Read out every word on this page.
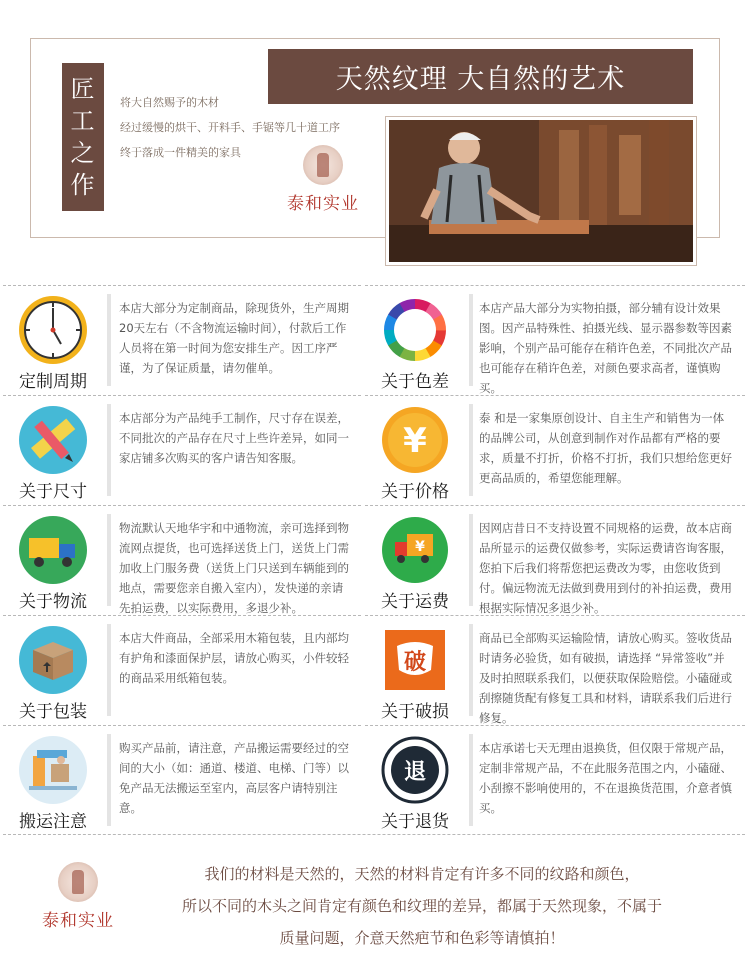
匠
工
之
作
天然纹理 大自然的艺术
将大自然赐予的木材
经过缓慢的烘干、开料手、手锯等几十道工序
终于落成一件精美的家具
泰和实业
定制周期
本店大部分为定制商品，除现货外，生产周期20天左右（不含物流运输时间），付款后工作人员将在第一时间为您安排生产。因工序严谨，为了保证质量，请勿催单。
关于色差
本店产品大部分为实物拍摄，部分辅有设计效果图。因产品特殊性、拍摄光线、显示器参数等因素影响，个别产品可能存在稍许色差，不同批次产品也可能存在稍许色差，对颜色要求高者，谨慎购买。
关于尺寸
本店部分为产品纯手工制作，尺寸存在误差，不同批次的产品存在尺寸上些许差异，如同一家店铺多次购买的客户请告知客服。	¥
关于价格
泰 和是一家集原创设计、自主生产和销售为一体的品牌公司，从创意到制作对作品都有严格的要求，质量不打折，价格不打折，我们只想给您更好更高品质的，希望您能理解。
关于物流
物流默认天地华宇和中通物流，亲可选择到物流网点提货，也可选择送货上门，送货上门需加收上门服务费（送货上门只送到车辆能到的地点，需要您亲自搬入室内），发快递的亲请先拍运费，以实际费用，多退少补。
¥
关于运费
因网店昔日不支持设置不同规格的运费，故本店商品所显示的运费仅做参考，实际运费请咨询客服，您拍下后我们将帮您把运费改为零，由您收货到付。偏远物流无法做到费用到付的补拍运费，费用根据实际情况多退少补。
关于包装
本店大件商品，全部采用木箱包装，且内部均有护角和漆面保护层，请放心购买，小件较轻的商品采用纸箱包装。
破
关于破损
商品已全部购买运输险情，请放心购买。签收货品时请务必验货，如有破损，请选择 “异常签收”并及时拍照联系我们，以便获取保险赔偿。小磕碰或刮擦随货配有修复工具和材料，请联系我们后进行修复。
搬运注意
购买产品前，请注意，产品搬运需要经过的空间的大小（如：通道、楼道、电梯、门等）以免产品无法搬运至室内，高层客户请特别注意。
退
关于退货
本店承诺七天无理由退换货，但仅限于常规产品，定制非常规产品，不在此服务范围之内，小磕碰、小刮擦不影响使用的，不在退换货范围，介意者慎买。
泰和实业
我们的材料是天然的，天然的材料肯定有许多不同的纹路和颜色，
所以不同的木头之间肯定有颜色和纹理的差异，都属于天然现象，不属于
质量问题，介意天然疤节和色彩等请慎拍！
